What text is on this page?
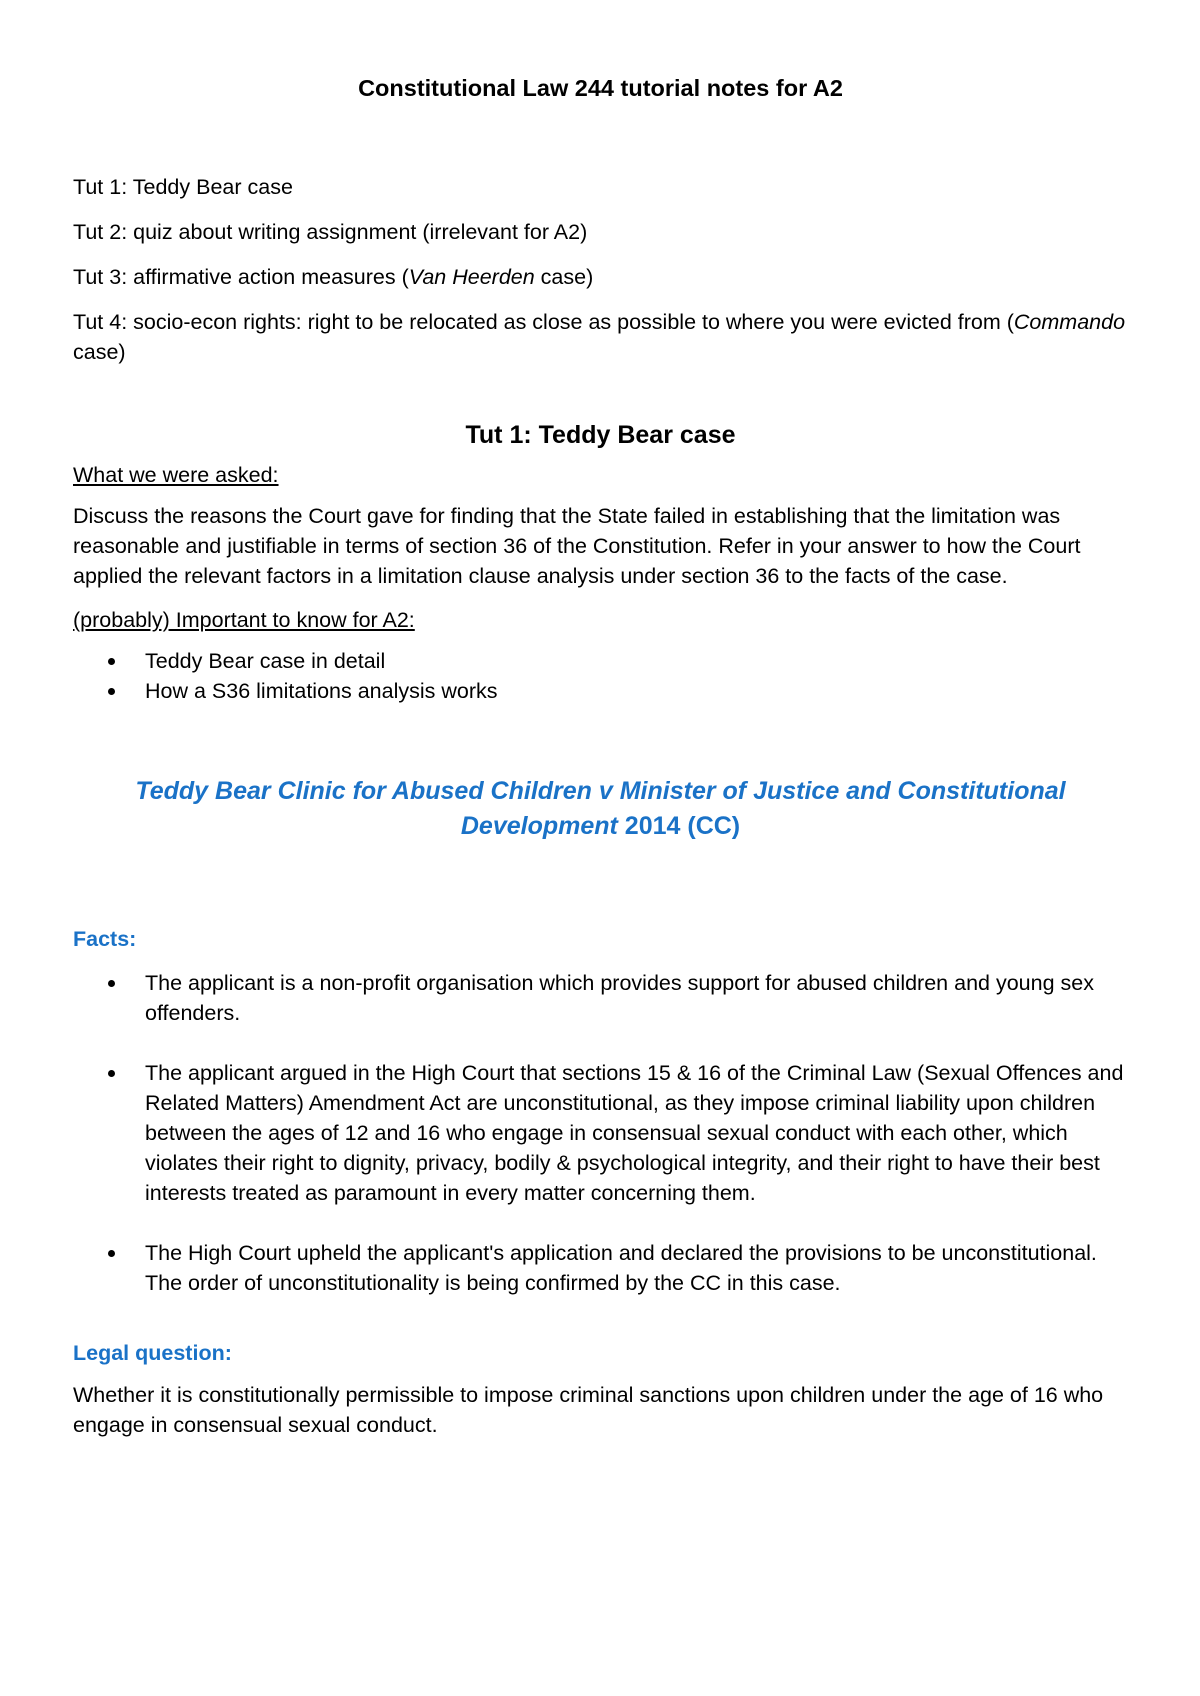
Constitutional Law 244 tutorial notes for A2

Tut 1: Teddy Bear case

Tut 2: quiz about writing assignment (irrelevant for A2)

Tut 3: affirmative action measures (Van Heerden case)

Tut 4: socio-econ rights: right to be relocated as close as possible to where you were evicted from (Commando case)

Tut 1: Teddy Bear case
What we were asked:
Discuss the reasons the Court gave for finding that the State failed in establishing that the limitation was reasonable and justifiable in terms of section 36 of the Constitution. Refer in your answer to how the Court applied the relevant factors in a limitation clause analysis under section 36 to the facts of the case.
(probably) Important to know for A2:
Teddy Bear case in detail
How a S36 limitations analysis works
Teddy Bear Clinic for Abused Children v Minister of Justice and Constitutional Development 2014 (CC)
Facts:
The applicant is a non-profit organisation which provides support for abused children and young sex offenders.
The applicant argued in the High Court that sections 15 & 16 of the Criminal Law (Sexual Offences and Related Matters) Amendment Act are unconstitutional, as they impose criminal liability upon children between the ages of 12 and 16 who engage in consensual sexual conduct with each other, which violates their right to dignity, privacy, bodily & psychological integrity, and their right to have their best interests treated as paramount in every matter concerning them.
The High Court upheld the applicant's application and declared the provisions to be unconstitutional. The order of unconstitutionality is being confirmed by the CC in this case.
Legal question:
Whether it is constitutionally permissible to impose criminal sanctions upon children under the age of 16 who engage in consensual sexual conduct.
